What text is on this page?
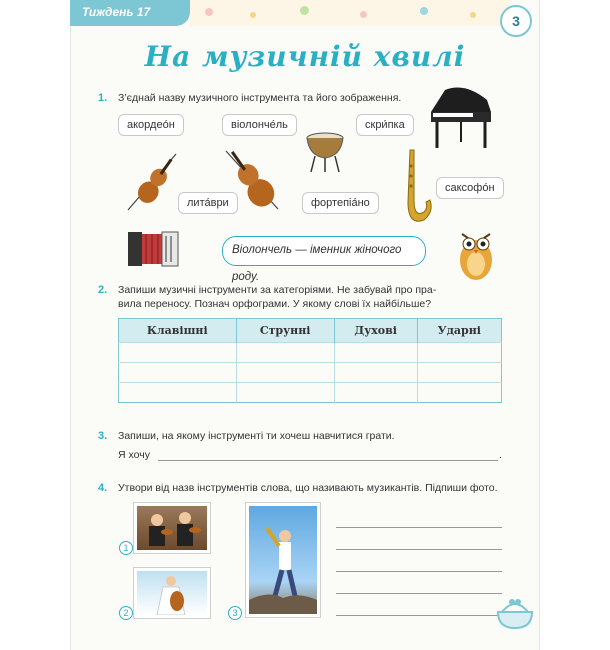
Тиждень 17
3
На музичній хвилі
1. З’єднай назву музичного інструмента та його зображення.
акордеóн	віолонче́ль	скри́пка
лита́ври	фортепіа́но
саксофóн
Віолончель — іменник жіночого роду.
2. Запиши музичні інструменти за категоріями. Не забувай про пра-
вила переносу. Познач орфограми. У якому слові їх найбільше?
Клавішні	Струнні	Духові	Ударні

3. Запиши, на якому інструменті ти хочеш навчитися грати.
Я хочу	.
4. Утвори від назв інструментів слова, що називають музикантів. Підпиши фото.
1
2	3
